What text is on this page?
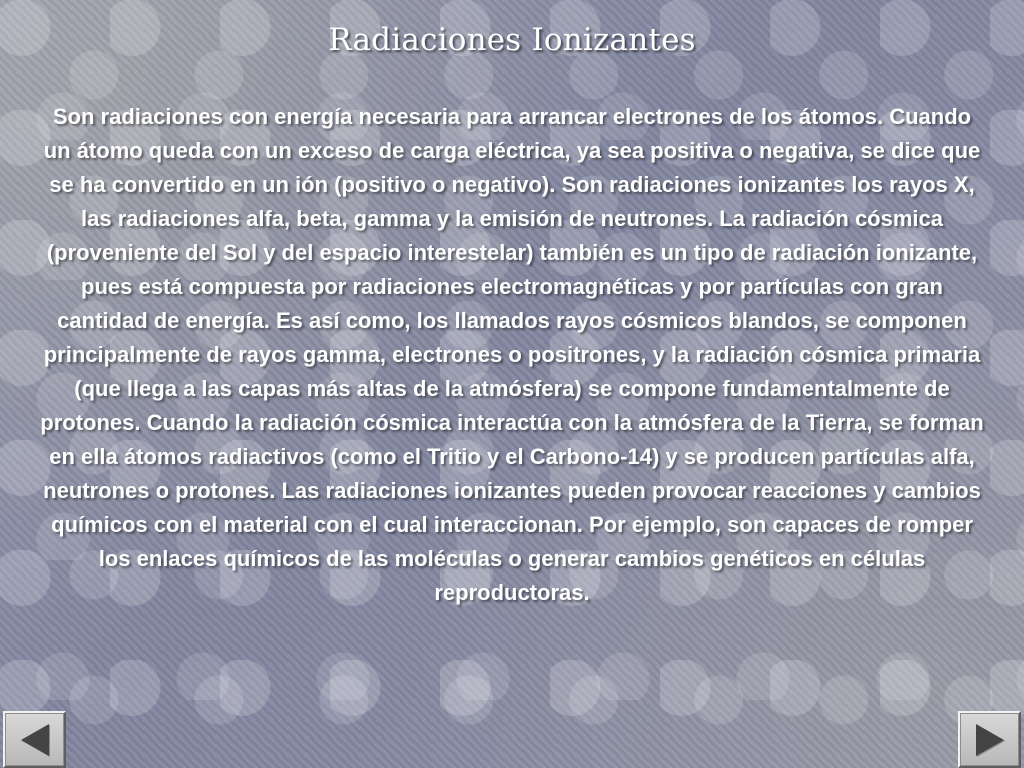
Radiaciones Ionizantes
Son radiaciones con energía necesaria para arrancar electrones de los átomos. Cuando un átomo queda con un exceso de carga eléctrica, ya sea positiva o negativa, se dice que se ha convertido en un ión (positivo o negativo). Son radiaciones ionizantes los rayos X, las radiaciones alfa, beta, gamma y la emisión de neutrones. La radiación cósmica (proveniente del Sol y del espacio interestelar) también es un tipo de radiación ionizante, pues está compuesta por radiaciones electromagnéticas y por partículas con gran cantidad de energía. Es así como, los llamados rayos cósmicos blandos, se componen principalmente de rayos gamma, electrones o positrones, y la radiación cósmica primaria (que llega a las capas más altas de la atmósfera) se compone fundamentalmente de protones. Cuando la radiación cósmica interactúa con la atmósfera de la Tierra, se forman en ella átomos radiactivos (como el Tritio y el Carbono-14) y se producen partículas alfa, neutrones o protones. Las radiaciones ionizantes pueden provocar reacciones y cambios químicos con el material con el cual interaccionan. Por ejemplo, son capaces de romper los enlaces químicos de las moléculas o generar cambios genéticos en células reproductoras.
